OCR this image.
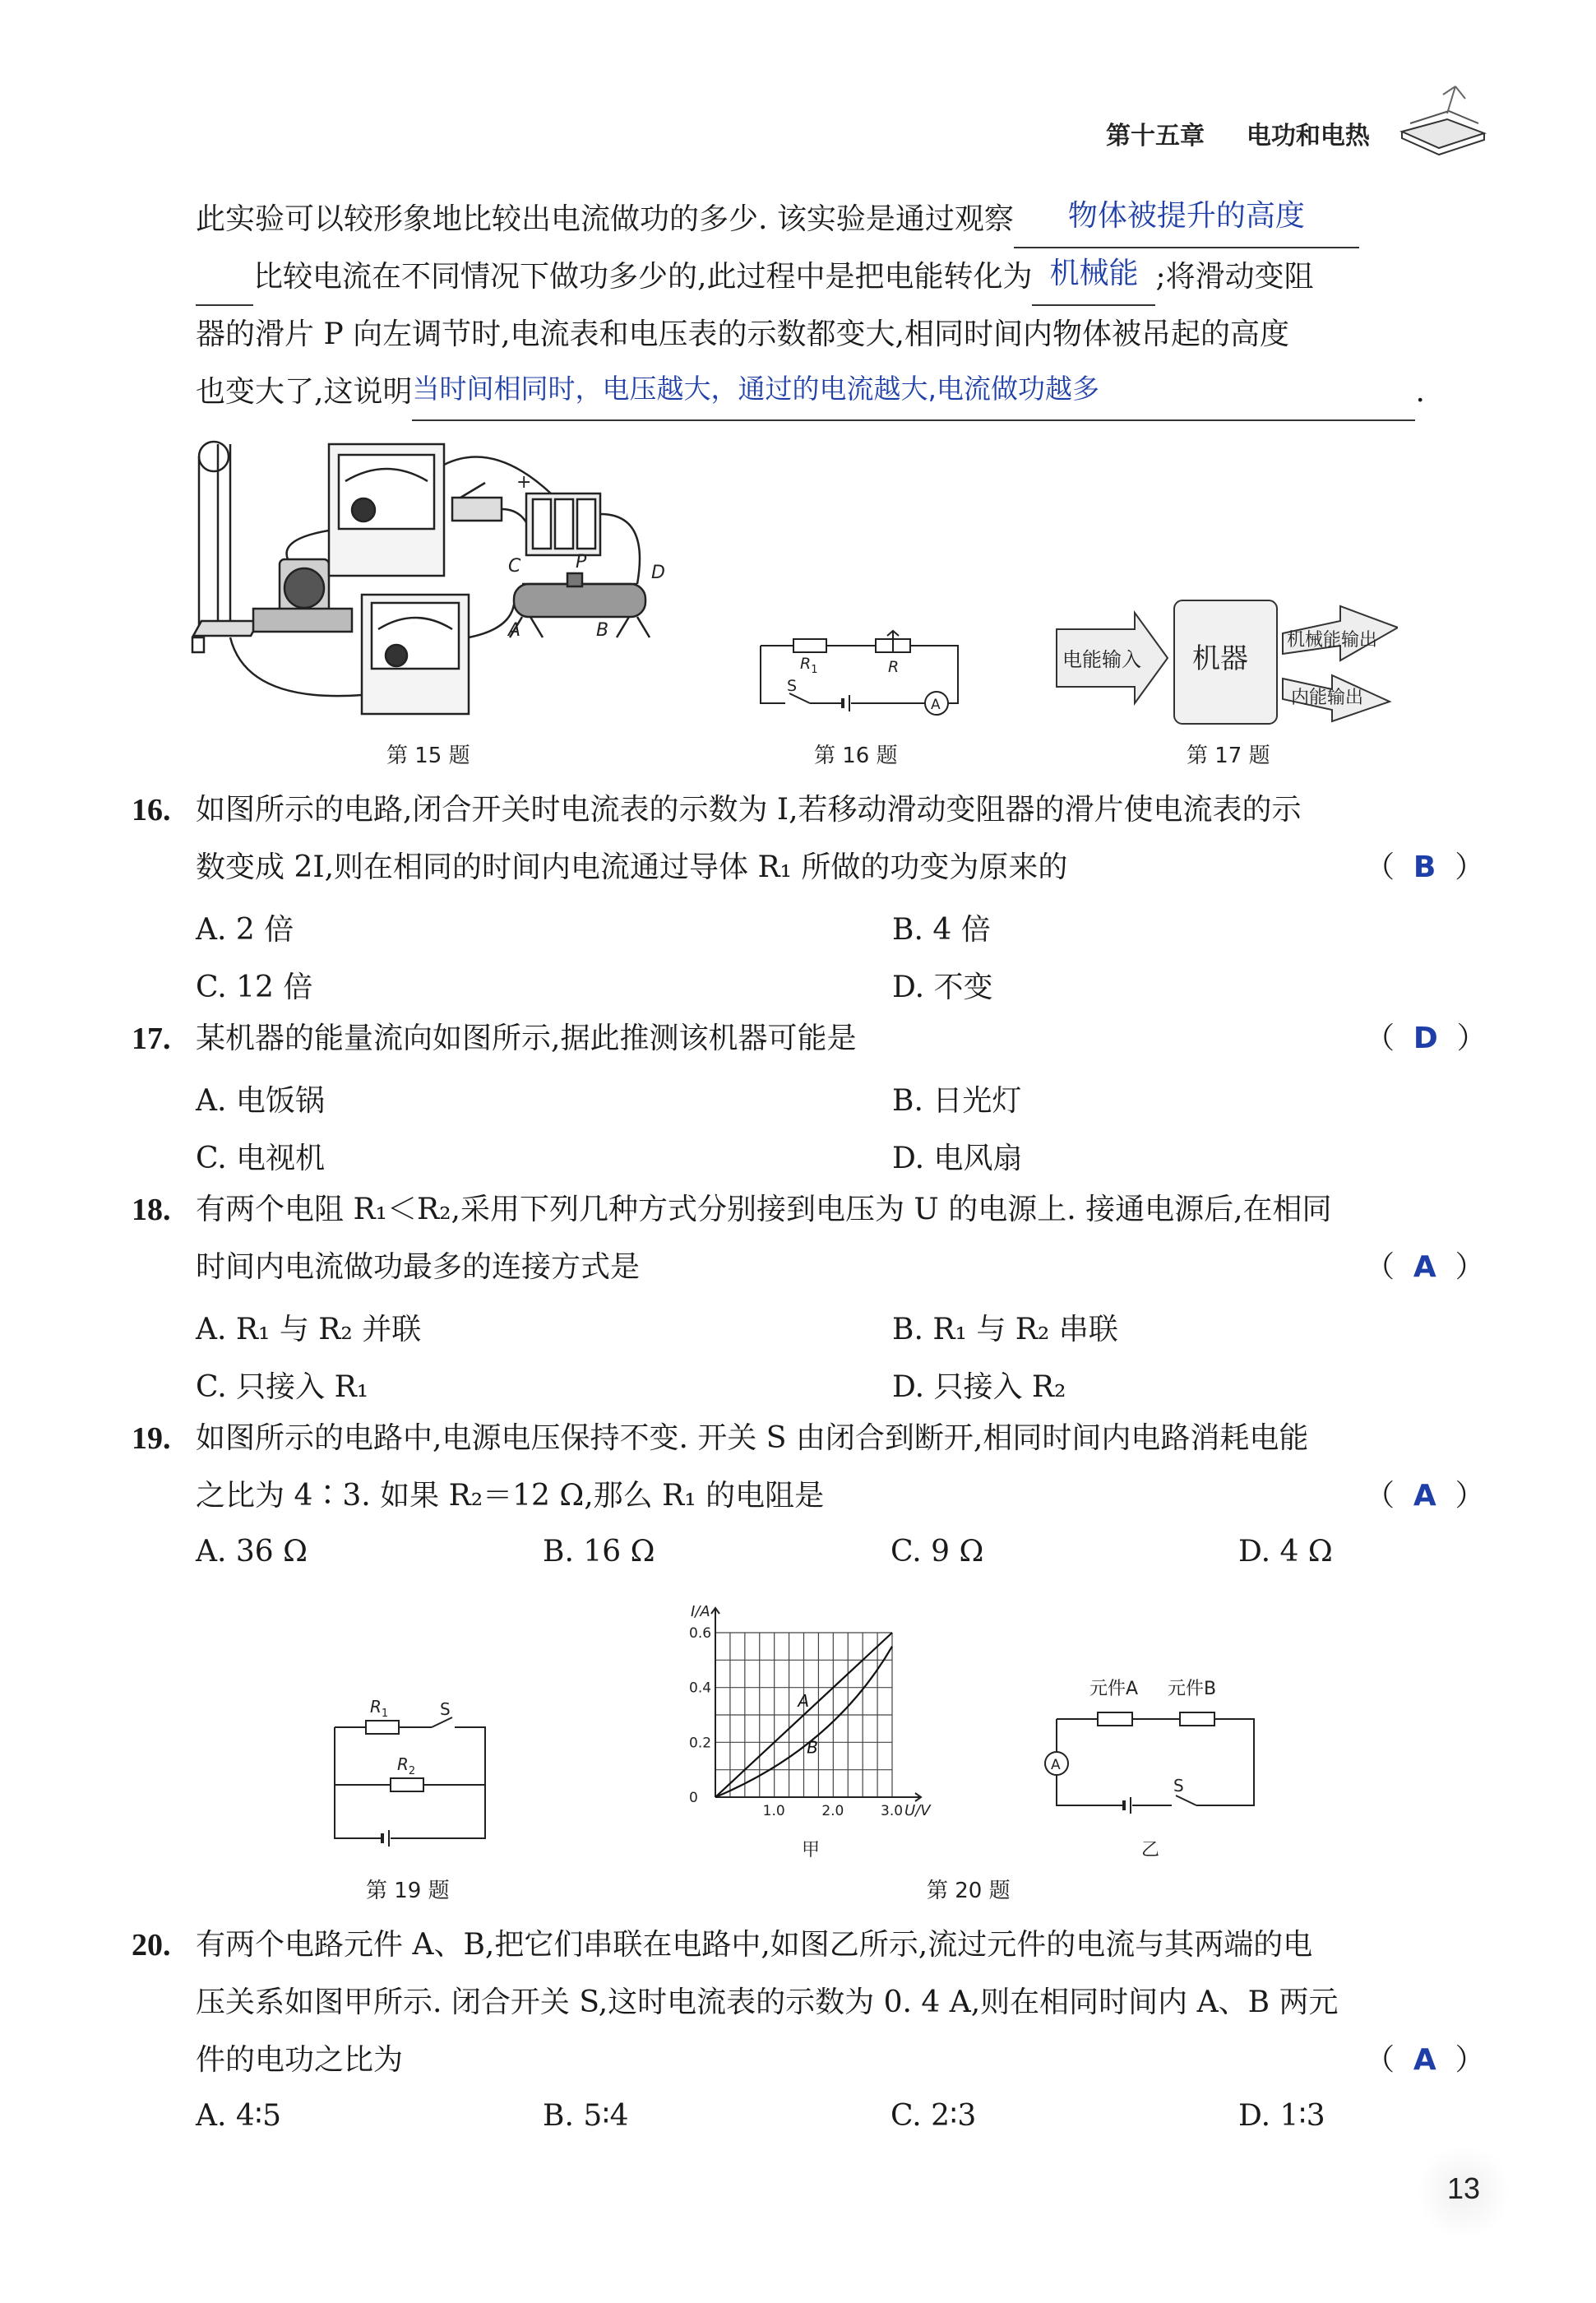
第十五章 电功和电热
此实验可以较形象地比较出电流做功的多少. 该实验是通过观察 物体被提升的高度
比较电流在不同情况下做功多少的,此过程中是把电能转化为 机械能 ;将滑动变阻
器的滑片 P 向左调节时,电流表和电压表的示数都变大,相同时间内物体被吊起的高度
也变大了,这说明当时间相同时，电压越大，通过的电流越大,电流做功越多	.
C	P
D
A	B
+
第 15 题
$R_1$	R
S
A
第 16 题
电能输入 机器
机械能输出
内能输出
第 17 题
16. 如图所示的电路,闭合开关时电流表的示数为 I,若移动滑动变阻器的滑片使电流表的示
数变成 2I,则在相同的时间内电流通过导体 R₁ 所做的功变为原来的	（  B  ）
A. 2 倍	B. 4 倍
C. 12 倍	D. 不变
17. 某机器的能量流向如图所示,据此推测该机器可能是	（  D  ）
A. 电饭锅	B. 日光灯
C. 电视机	D. 电风扇
18. 有两个电阻 R₁＜R₂,采用下列几种方式分别接到电压为 U 的电源上. 接通电源后,在相同
时间内电流做功最多的连接方式是	（  A  ）
A. R₁ 与 R₂ 并联	B. R₁ 与 R₂ 串联
C. 只接入 R₁	D. 只接入 R₂
19. 如图所示的电路中,电源电压保持不变. 开关 S 由闭合到断开,相同时间内电路消耗电能
之比为 4∶3. 如果 R₂＝12 Ω,那么 R₁ 的电阻是	（  A  ）
A. 36 Ω	B. 16 Ω	C. 9 Ω	D. 4 Ω
20. 有两个电路元件 A、B,把它们串联在电路中,如图乙所示,流过元件的电流与其两端的电
压关系如图甲所示. 闭合开关 S,这时电流表的示数为 0. 4 A,则在相同时间内 A、B 两元
件的电功之比为	（  A  ）
A. 4∶5	B. 5∶4	C. 2∶3	D. 1∶3
$R_1$	S
$R_2$
第 19 题
1.0	2.0	3.0
0
0.2
0.4
0.6
I/A
U/V
A
B
甲
第 20 题
元件A 元件B
A
S
乙
13
